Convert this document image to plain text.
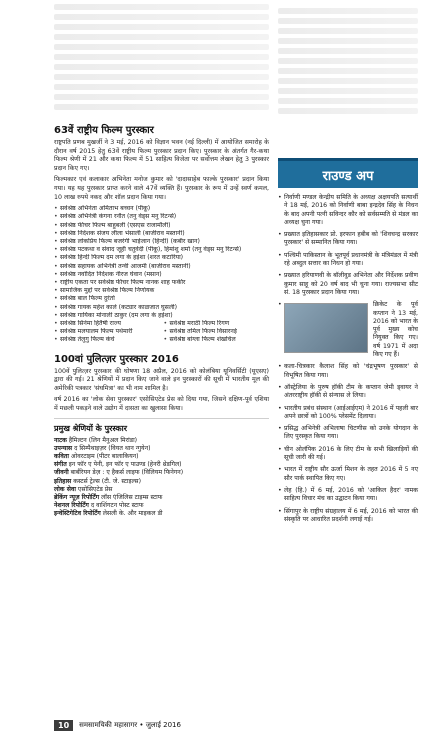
63वें राष्ट्रीय फिल्म पुरस्कार

राष्ट्रपति प्रणब मुखर्जी ने 3 मई, 2016 को विज्ञान भवन (नई दिल्ली) में आयोजित समारोह के दौरान वर्ष 2015 हेतु 63वें राष्ट्रीय फिल्म पुरस्कार प्रदान किए। पुरस्कार के अंतर्गत गैर-कथा फिल्म श्रेणी में 21 और कथा फिल्म में 51 साहित्य विजेता पर सर्वोत्तम लेखन हेतु 3 पुरस्कार प्रदान किए गए।

फिल्मकार एवं कलाकार अभिनेता मनोज कुमार को 'दादासाहेब फाल्के पुरस्कार' प्रदान किया गया। यह यह पुरस्कार प्राप्त करने वाले 47वें व्यक्ति हैं। पुरस्कार के रूप में उन्हें स्वर्ण कमल, 10 लाख रुपये नकद और शॉल प्रदान किया गया।

• सर्वश्रेष्ठ अभिनेता अमिताभ बच्चन (पीकू)
• सर्वश्रेष्ठ अभिनेत्री कंगना रनौत (तनु वेड्स मनु रिटर्न्स)
• सर्वश्रेष्ठ फीचर फिल्म बाहुबली (एसएस राजामौली)
• सर्वश्रेष्ठ निर्देशक संजय लीला भंसाली (बाजीराव मस्तानी)
• सर्वश्रेष्ठ लोकप्रिय फिल्म बजरंगी भाईजान (हिन्दी) (कबीर खान)
• सर्वश्रेष्ठ पटकथा व संवाद जूही चतुर्वेदी (पीकू), हिमांशु शर्मा (तनु वेड्स मनु रिटर्न्स)
• सर्वश्रेष्ठ हिन्दी फिल्म दम लगा के हईशा (शरत कटारिया)
• सर्वश्रेष्ठ सहायक अभिनेत्री तन्वी आजमी (बाजीराव मस्तानी)
• सर्वश्रेष्ठ नवोदित निर्देशक नीरज घेवान (मसान)
• राष्ट्रीय एकता पर सर्वश्रेष्ठ फीचर फिल्म नानक शाह फकीर
• सामाजिक मुद्दों पर सर्वश्रेष्ठ फिल्म निर्णायक
• सर्वश्रेष्ठ बाल फिल्म दुरंतो
• सर्वश्रेष्ठ गायक महेश काले (कट्यार काळजात घुसली)
• सर्वश्रेष्ठ गायिका मोनाली ठाकुर (दम लगा के हईशा)
• सर्वश्रेष्ठ सिनेमा हितैषी राज्य
• सर्वश्रेष्ठ मलयालम फिल्म पथेमारी
• सर्वश्रेष्ठ तेलुगु फिल्म कंचे
• सर्वश्रेष्ठ मराठी फिल्म रिंगण
• सर्वश्रेष्ठ तमिल फिल्म विसारनई
• सर्वश्रेष्ठ बांग्ला फिल्म शंखचिल
100वां पुलित्ज़र पुरस्कार 2016

100वें पुलित्ज़र पुरस्कार की घोषणा 18 अप्रैल, 2016 को कोलंबिया यूनिवर्सिटी (यूएसए) द्वारा की गई। 21 श्रेणियों में प्रदान किए जाने वाले इन पुरस्कारों की सूची में भारतीय मूल की अमेरिकी पत्रकार 'संघमित्रा' का भी नाम शामिल है।

वर्ष 2016 का 'लोक सेवा पुरस्कार' एसोसिएटेड प्रेस को दिया गया, जिसने दक्षिण-पूर्व एशिया में मछली पकड़ने वाले उद्योग में दासता का खुलासा किया।

प्रमुख श्रेणियों के पुरस्कार
नाटक हैमिल्टन (लिन मैनुअल मिरांडा)
उपन्यास द सिम्पैथाइज़र (वियत थान न्गुयेन)
कविता ओवरटाइम (पीटर बालाकियन)
संगीत इन फॉर ए पेनी, इन फॉर ए पाउण्ड (हेनरी थ्रेडगिल)
जीवनी बार्बरियन डेज़ : ए हैकर्स लाइफ (विलियम फिनेगन)
इतिहास कस्टर्स ट्रेल्स (टी. जे. स्टाइल्स)
लोक सेवा एसोसिएटेड प्रेस
ब्रेकिंग न्यूज़ रिपोर्टिंग लॉस एंजिलिस टाइम्स स्टाफ
नेशनल रिपोर्टिंग द वाशिंगटन पोस्ट स्टाफ
इन्वेस्टिगेटिव रिपोर्टिंग लेसली के. और माइकल डी
राउण्ड अप

• निर्वाणी मण्डल केन्द्रीय समिति के अध्यक्ष अक्षयपति सत्यार्थी ने 18 मई, 2016 को निर्वाणी बाबा इन्द्रदेव सिंह के निधन के बाद अपनी पत्नी सविन्दर कौर को सर्वसम्मति से मंडल का अध्यक्ष चुना गया।

• प्रख्यात इतिहासकार प्रो. इरफान हबीब को 'शिवचन्द्र सरकार पुरस्कार' से सम्मानित किया गया।

• पश्चिमी पाकिस्तान के भूतपूर्व प्रधानमंत्री के मंत्रिमंडल में मंत्री रहे अब्दुल सत्तार का निधन हो गया।

• प्रख्यात हरियाणवी के बॉलीवुड अभिनेता और निर्देशक प्रवीण कुमार साहू को 20 वर्ष बाद भी चुना गया। राज्यसभा सीट सं. 18 पुरस्कार प्रदान किया गया।

• क्रिकेट के पूर्व कप्तान ने 13 मई, 2016 को भारत के पूर्व मुख्य कोच नियुक्त किए गए। वर्ष 1971 में अदा किए गए हैं।

• कला-चित्रकार कैलाश सिंह को 'चंद्रभूषण पुरस्कार' से विभूषित किया गया।

• ऑस्ट्रेलिया के पुरुष हॉकी टीम के कप्तान जेमी ड्वायर ने अंतरराष्ट्रीय हॉकी से संन्यास ले लिया।

• भारतीय प्रबंध संस्थान (आईआईएम) ने 2016 में पहली बार अपने छात्रों को 100% प्लेसमेंट दिलाया।

• प्रसिद्ध अभिनेत्री अभिलाषा चिटणीस को उनके योगदान के लिए पुरस्कृत किया गया।

• चीन ओलंपिक 2016 के लिए टीम के सभी खिलाड़ियों की सूची जारी की गई।

• भारत में राष्ट्रीय सौर ऊर्जा मिशन के तहत 2016 में 5 नए सौर पार्क स्थापित किए गए।

• लेह (हि.) में 6 मई, 2016 को 'आकिल हैदर' नामक साहित्य विचार मंच का उद्घाटन किया गया।

• सिंगापुर के राष्ट्रीय संग्रहालय में 6 मई, 2016 को भारत की संस्कृति पर आधारित प्रदर्शनी लगाई गई।

10	समसामयिकी महासागर • जुलाई 2016
